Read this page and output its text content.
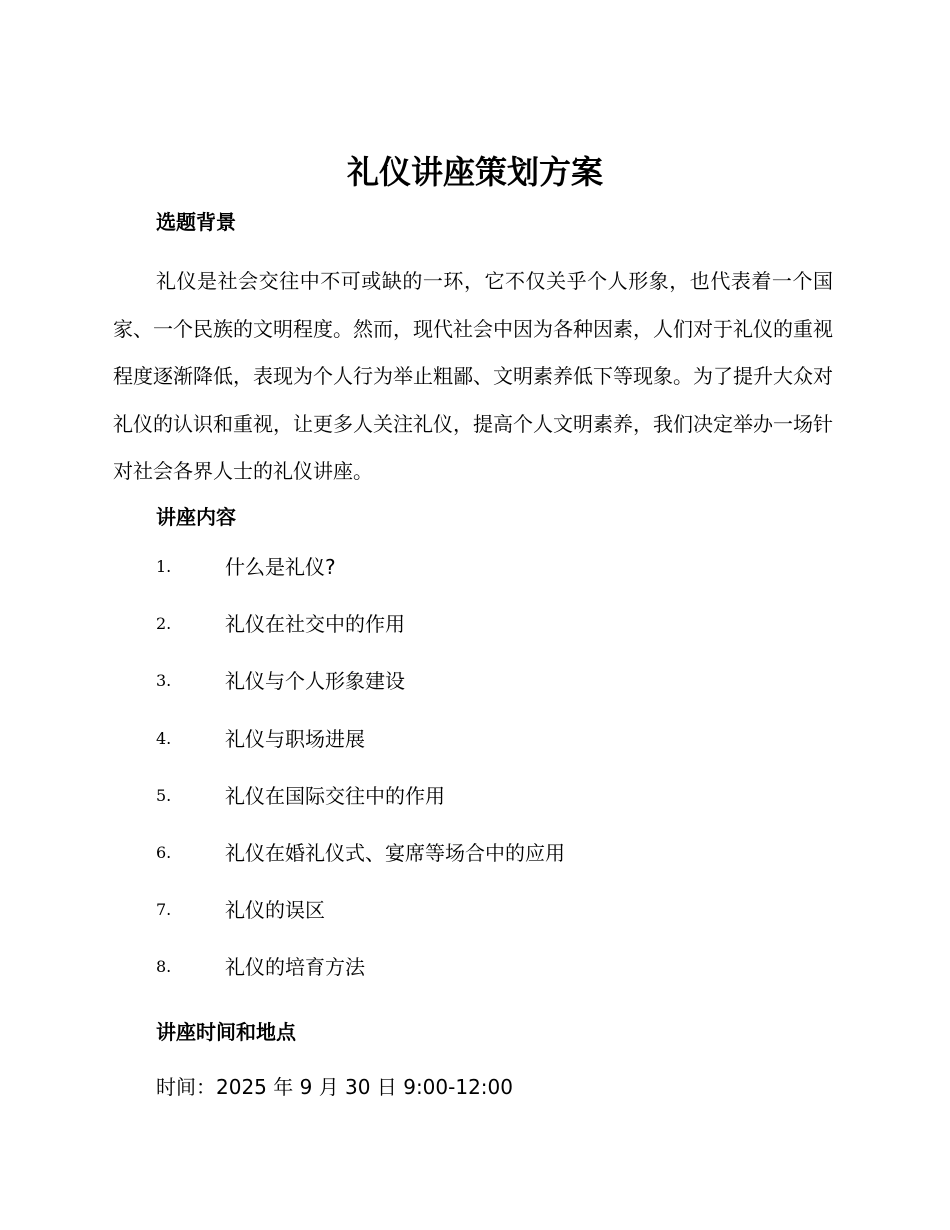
礼仪讲座策划方案
选题背景

礼仪是社会交往中不可或缺的一环，它不仅关乎个人形象，也代表着一个国家、一个民族的文明程度。然而，现代社会中因为各种因素，人们对于礼仪的重视程度逐渐降低，表现为个人行为举止粗鄙、文明素养低下等现象。为了提升大众对礼仪的认识和重视，让更多人关注礼仪，提高个人文明素养，我们决定举办一场针对社会各界人士的礼仪讲座。

讲座内容
1.	什么是礼仪?
2.	礼仪在社交中的作用
3.	礼仪与个人形象建设
4.	礼仪与职场进展
5.	礼仪在国际交往中的作用
6.	礼仪在婚礼仪式、宴席等场合中的应用
7.	礼仪的误区
8.	礼仪的培育方法
讲座时间和地点

时间：2025 年 9 月 30 日 9:00-12:00
